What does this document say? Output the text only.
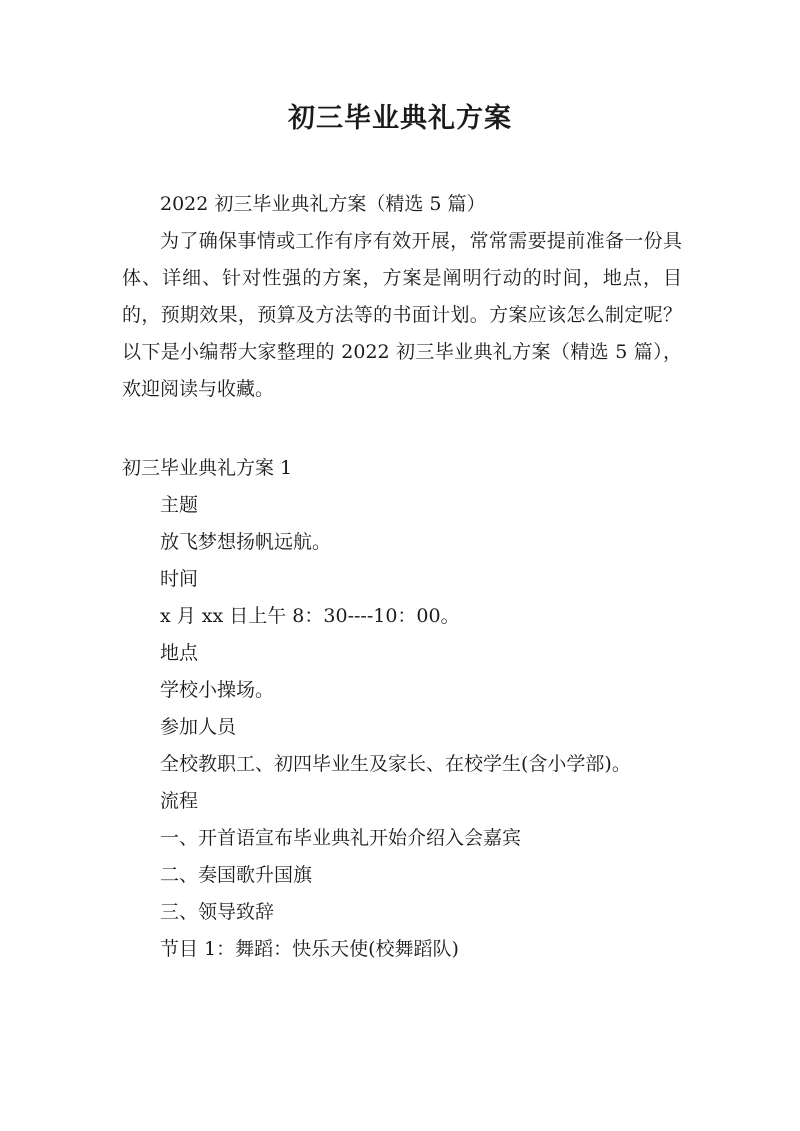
初三毕业典礼方案

2022 初三毕业典礼方案（精选 5 篇）

为了确保事情或工作有序有效开展，常常需要提前准备一份具体、详细、针对性强的方案，方案是阐明行动的时间，地点，目的，预期效果，预算及方法等的书面计划。方案应该怎么制定呢？以下是小编帮大家整理的 2022 初三毕业典礼方案（精选 5 篇），欢迎阅读与收藏。

初三毕业典礼方案 1

主题

放飞梦想扬帆远航。

时间

x 月 xx 日上午 8：30----10：00。

地点

学校小操场。

参加人员

全校教职工、初四毕业生及家长、在校学生(含小学部)。

流程

一、开首语宣布毕业典礼开始介绍入会嘉宾

二、奏国歌升国旗

三、领导致辞

节目 1：舞蹈：快乐天使(校舞蹈队)
